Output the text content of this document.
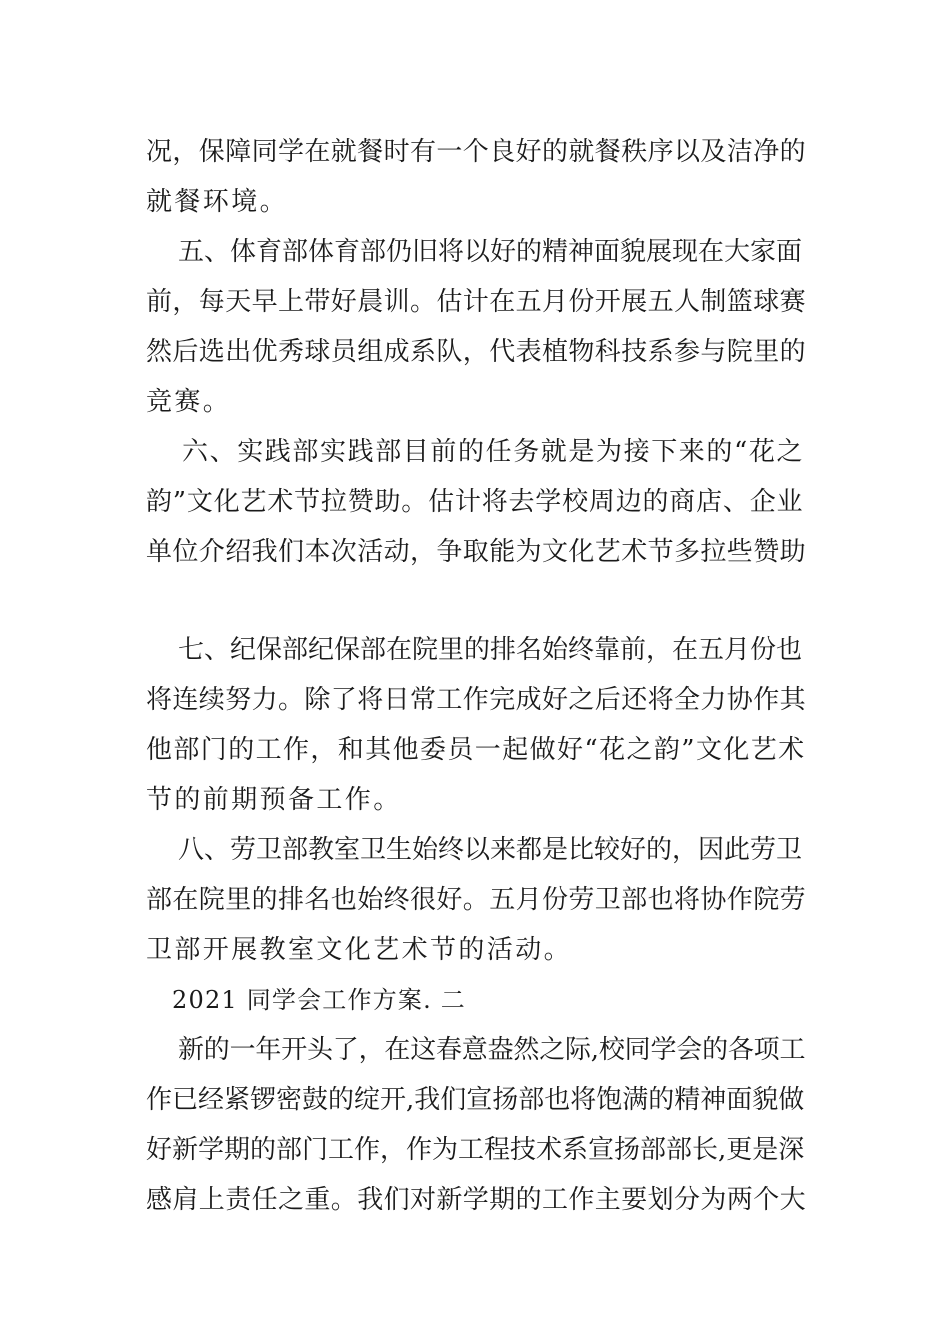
况，保障同学在就餐时有一个良好的就餐秩序以及洁净的
就餐环境。
五、体育部体育部仍旧将以好的精神面貌展现在大家面
前，每天早上带好晨训。估计在五月份开展五人制篮球赛
然后选出优秀球员组成系队，代表植物科技系参与院里的
竞赛。
六、实践部实践部目前的任务就是为接下来的“花之
韵”文化艺术节拉赞助。估计将去学校周边的商店、企业
单位介绍我们本次活动，争取能为文化艺术节多拉些赞助
七、纪保部纪保部在院里的排名始终靠前，在五月份也
将连续努力。除了将日常工作完成好之后还将全力协作其
他部门的工作，和其他委员一起做好“花之韵”文化艺术
节的前期预备工作。
八、劳卫部教室卫生始终以来都是比较好的，因此劳卫
部在院里的排名也始终很好。五月份劳卫部也将协作院劳
卫部开展教室文化艺术节的活动。
2021 同学会工作方案. 二
新的一年开头了，在这春意盎然之际,校同学会的各项工
作已经紧锣密鼓的绽开,我们宣扬部也将饱满的精神面貌做
好新学期的部门工作，作为工程技术系宣扬部部长,更是深
感肩上责任之重。我们对新学期的工作主要划分为两个大
